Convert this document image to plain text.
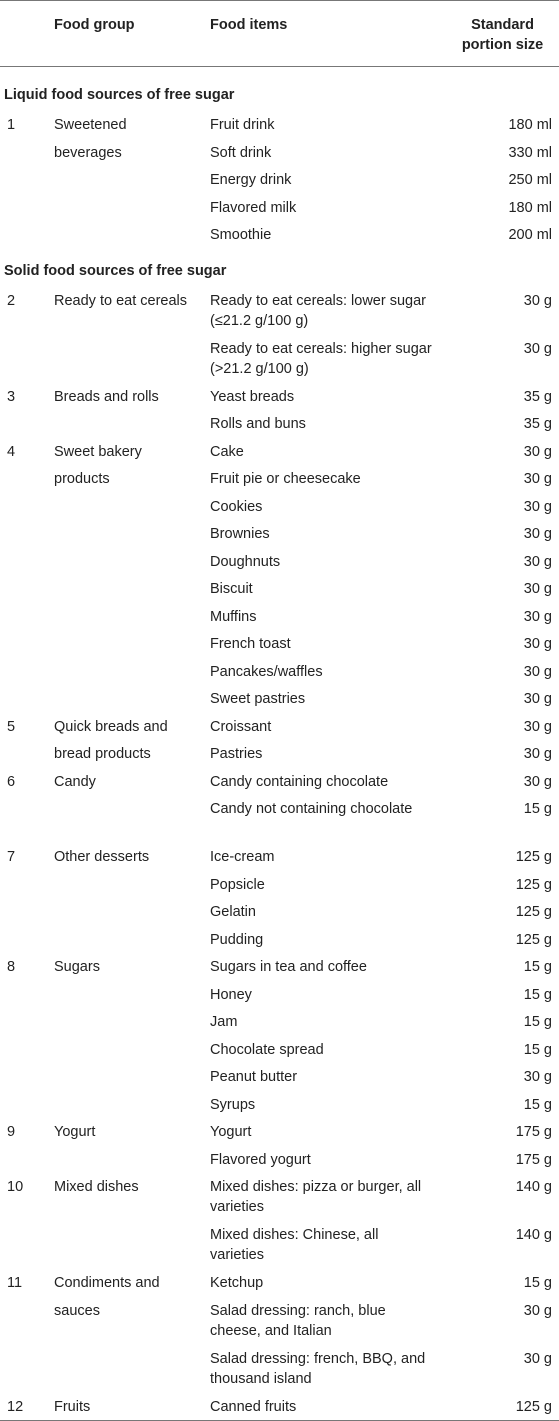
	Food group	Food items	Standard portion size
Liquid food sources of free sugar			
1	Sweetened	Fruit drink	180 ml
	beverages	Soft drink	330 ml
		Energy drink	250 ml
		Flavored milk	180 ml
		Smoothie	200 ml
Solid food sources of free sugar			
2	Ready to eat cereals	Ready to eat cereals: lower sugar (≤21.2 g/100 g)	30 g
		Ready to eat cereals: higher sugar (>21.2 g/100 g)	30 g
3	Breads and rolls	Yeast breads	35 g
		Rolls and buns	35 g
4	Sweet bakery	Cake	30 g
	products	Fruit pie or cheesecake	30 g
		Cookies	30 g
		Brownies	30 g
		Doughnuts	30 g
		Biscuit	30 g
		Muffins	30 g
		French toast	30 g
		Pancakes/waffles	30 g
		Sweet pastries	30 g
5	Quick breads and	Croissant	30 g
	bread products	Pastries	30 g
6	Candy	Candy containing chocolate	30 g
		Candy not containing chocolate	15 g
7	Other desserts	Ice-cream	125 g
		Popsicle	125 g
		Gelatin	125 g
		Pudding	125 g
8	Sugars	Sugars in tea and coffee	15 g
		Honey	15 g
		Jam	15 g
		Chocolate spread	15 g
		Peanut butter	30 g
		Syrups	15 g
9	Yogurt	Yogurt	175 g
		Flavored yogurt	175 g
10	Mixed dishes	Mixed dishes: pizza or burger, all varieties	140 g
		Mixed dishes: Chinese, all varieties	140 g
11	Condiments and	Ketchup	15 g
	sauces	Salad dressing: ranch, blue cheese, and Italian	30 g
		Salad dressing: french, BBQ, and thousand island	30 g
12	Fruits	Canned fruits	125 g
